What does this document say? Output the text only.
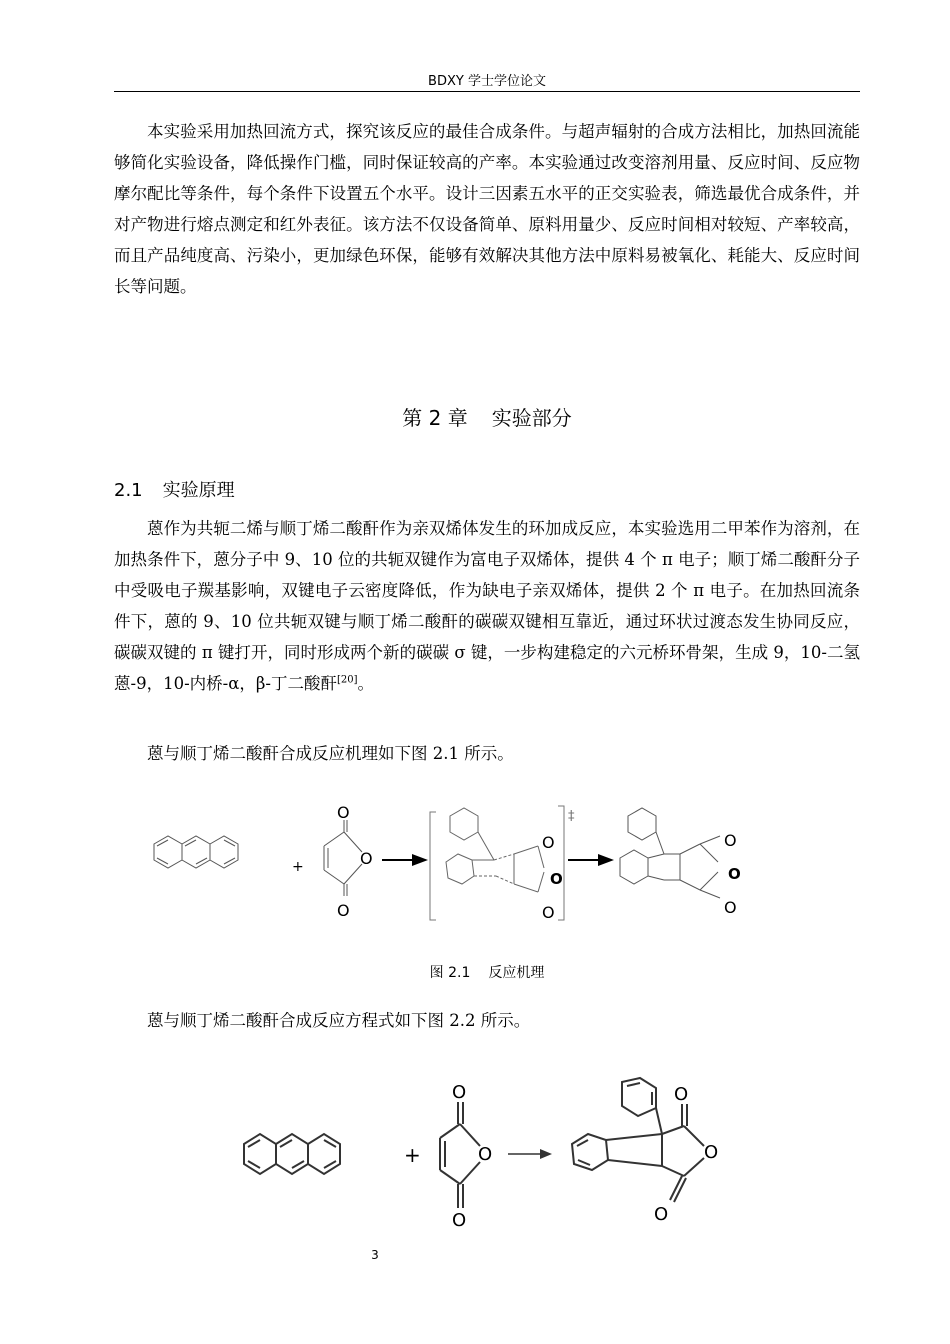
BDXY 学士学位论文

本实验采用加热回流方式，探究该反应的最佳合成条件。与超声辐射的合成方法相比，加热回流能够简化实验设备，降低操作门槛，同时保证较高的产率。本实验通过改变溶剂用量、反应时间、反应物摩尔配比等条件，每个条件下设置五个水平。设计三因素五水平的正交实验表，筛选最优合成条件，并对产物进行熔点测定和红外表征。该方法不仅设备简单、原料用量少、反应时间相对较短、产率较高，而且产品纯度高、污染小，更加绿色环保，能够有效解决其他方法中原料易被氧化、耗能大、反应时间长等问题。

第 2 章 实验部分
2.1 实验原理

蒽作为共轭二烯与顺丁烯二酸酐作为亲双烯体发生的环加成反应，本实验选用二甲苯作为溶剂，在加热条件下，蒽分子中 9、10 位的共轭双键作为富电子双烯体，提供 4 个 π 电子；顺丁烯二酸酐分子中受吸电子羰基影响，双键电子云密度降低，作为缺电子亲双烯体，提供 2 个 π 电子。在加热回流条件下，蒽的 9、10 位共轭双键与顺丁烯二酸酐的碳碳双键相互靠近，通过环状过渡态发生协同反应，碳碳双键的 π 键打开，同时形成两个新的碳碳 σ 键，一步构建稳定的六元桥环骨架，生成 9，10-二氢蒽-9，10-内桥-α，β-丁二酸酐[20]。

蒽与顺丁烯二酸酐合成反应机理如下图 2.1 所示。

+
O
O
O
‡
O
O
O
O
O
O
图 2.1 反应机理

蒽与顺丁烯二酸酐合成反应方程式如下图 2.2 所示。

+
O
O
O
O
O
O
3
